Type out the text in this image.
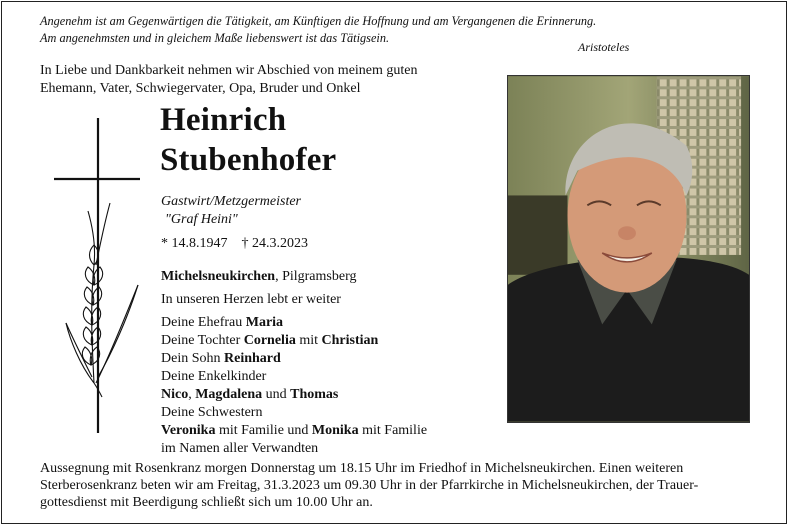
Angenehm ist am Gegenwärtigen die Tätigkeit, am Künftigen die Hoffnung und am Vergangenen die Erinnerung.
Am angenehmsten und in gleichem Maße liebenswert ist das Tätigsein.
Aristoteles
In Liebe und Dankbarkeit nehmen wir Abschied von meinem guten
Ehemann, Vater, Schwiegervater, Opa, Bruder und Onkel
Heinrich
Stubenhofer
Gastwirt/Metzgermeister
"Graf Heini"
* 14.8.1947 † 24.3.2023
Michelsneukirchen, Pilgramsberg
In unseren Herzen lebt er weiter
Deine Ehefrau Maria
Deine Tochter Cornelia mit Christian
Dein Sohn Reinhard
Deine Enkelkinder
Nico, Magdalena und Thomas
Deine Schwestern
Veronika mit Familie und Monika mit Familie
im Namen aller Verwandten
Aussegnung mit Rosenkranz morgen Donnerstag um 18.15 Uhr im Friedhof in Michelsneukirchen. Einen weiteren
Sterberosenkranz beten wir am Freitag, 31.3.2023 um 09.30 Uhr in der Pfarrkirche in Michelsneukirchen, der Trauer-
gottesdienst mit Beerdigung schließt sich um 10.00 Uhr an.
